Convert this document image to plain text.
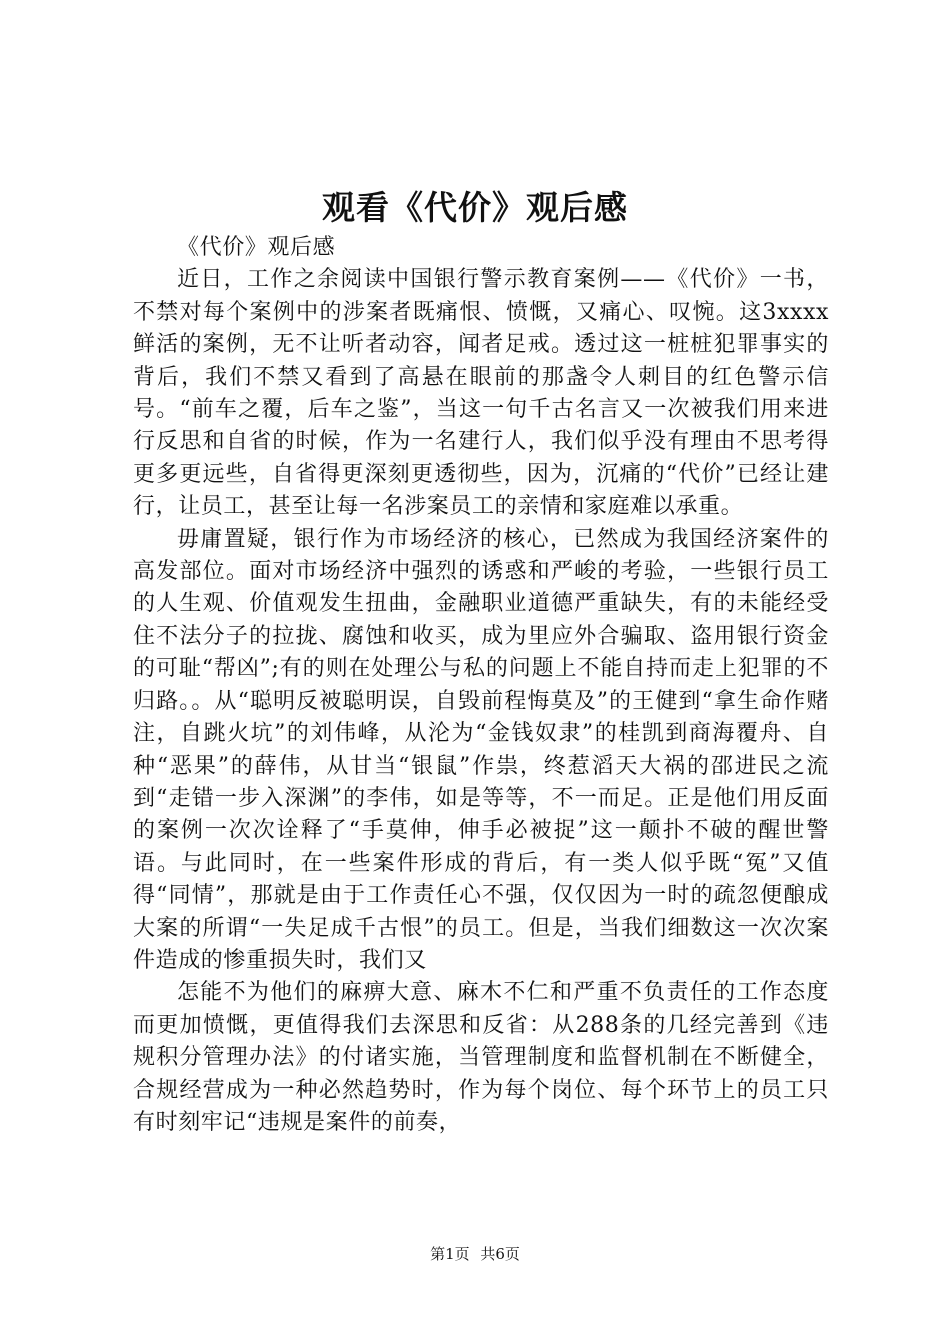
观看《代价》观后感

《代价》观后感

近日，工作之余阅读中国银行警示教育案例——《代价》一书，不禁对每个案例中的涉案者既痛恨、愤慨，又痛心、叹惋。这3xxxx鲜活的案例，无不让听者动容，闻者足戒。透过这一桩桩犯罪事实的背后，我们不禁又看到了高悬在眼前的那盏令人刺目的红色警示信号。“前车之覆，后车之鉴”，当这一句千古名言又一次被我们用来进行反思和自省的时候，作为一名建行人，我们似乎没有理由不思考得更多更远些，自省得更深刻更透彻些，因为，沉痛的“代价”已经让建行，让员工，甚至让每一名涉案员工的亲情和家庭难以承重。

毋庸置疑，银行作为市场经济的核心，已然成为我国经济案件的高发部位。面对市场经济中强烈的诱惑和严峻的考验，一些银行员工的人生观、价值观发生扭曲，金融职业道德严重缺失，有的未能经受住不法分子的拉拢、腐蚀和收买，成为里应外合骗取、盗用银行资金的可耻“帮凶”;有的则在处理公与私的问题上不能自持而走上犯罪的不归路。。从“聪明反被聪明误，自毁前程悔莫及”的王健到“拿生命作赌注，自跳火坑”的刘伟峰，从沦为“金钱奴隶”的桂凯到商海覆舟、自种“恶果”的薛伟，从甘当“银鼠”作祟，终惹滔天大祸的邵进民之流到“走错一步入深渊”的李伟，如是等等，不一而足。正是他们用反面的案例一次次诠释了“手莫伸，伸手必被捉”这一颠扑不破的醒世警语。与此同时，在一些案件形成的背后，有一类人似乎既“冤”又值得“同情”，那就是由于工作责任心不强，仅仅因为一时的疏忽便酿成大案的所谓“一失足成千古恨”的员工。但是，当我们细数这一次次案件造成的惨重损失时，我们又

怎能不为他们的麻痹大意、麻木不仁和严重不负责任的工作态度而更加愤慨，更值得我们去深思和反省：从288条的几经完善到《违规积分管理办法》的付诸实施，当管理制度和监督机制在不断健全，合规经营成为一种必然趋势时，作为每个岗位、每个环节上的员工只有时刻牢记“违规是案件的前奏，

第1页 共6页
